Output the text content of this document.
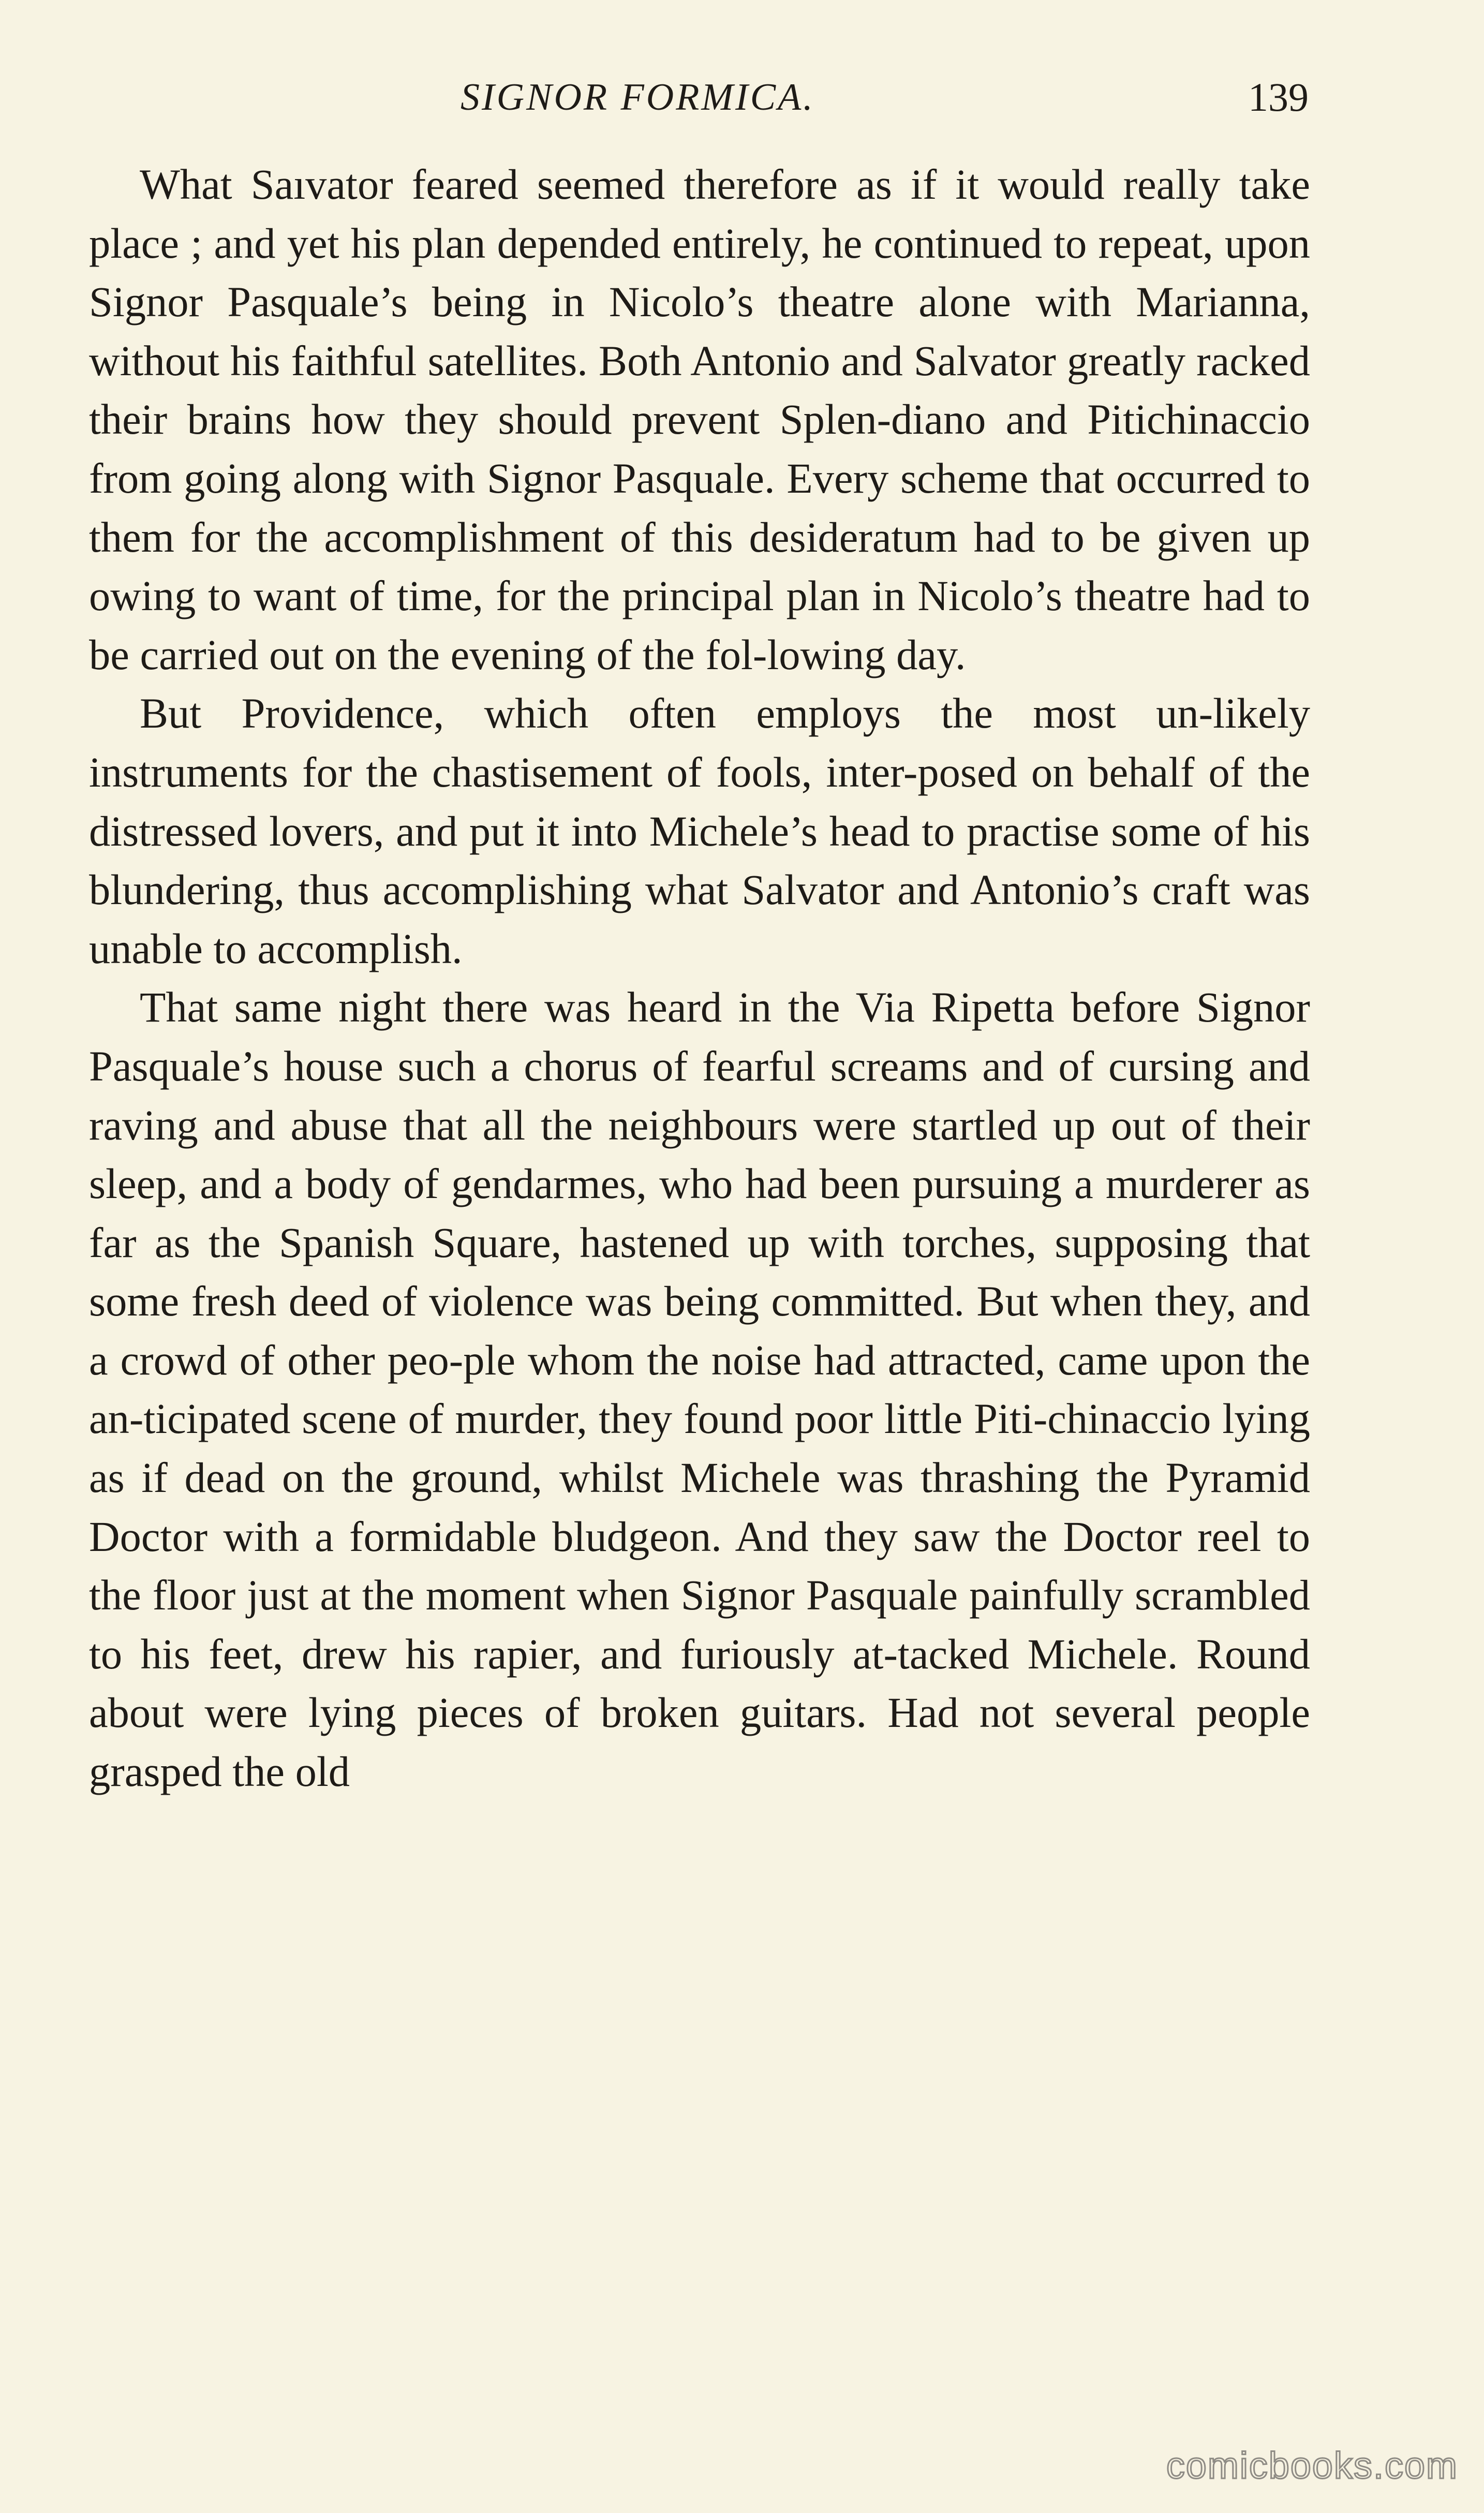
SIGNOR FORMICA.	139

What Saıvator feared seemed therefore as if it would really take place ; and yet his plan depended entirely, he continued to repeat, upon Signor Pasquale’s being in Nicolo’s theatre alone with Marianna, without his faithful satellites. Both Antonio and Salvator greatly racked their brains how they should prevent Splen-diano and Pitichinaccio from going along with Signor Pasquale. Every scheme that occurred to them for the accomplishment of this desideratum had to be given up owing to want of time, for the principal plan in Nicolo’s theatre had to be carried out on the evening of the fol-lowing day.

But Providence, which often employs the most un-likely instruments for the chastisement of fools, inter-posed on behalf of the distressed lovers, and put it into Michele’s head to practise some of his blundering, thus accomplishing what Salvator and Antonio’s craft was unable to accomplish.

That same night there was heard in the Via Ripetta before Signor Pasquale’s house such a chorus of fearful screams and of cursing and raving and abuse that all the neighbours were startled up out of their sleep, and a body of gendarmes, who had been pursuing a murderer as far as the Spanish Square, hastened up with torches, supposing that some fresh deed of violence was being committed. But when they, and a crowd of other peo-ple whom the noise had attracted, came upon the an-ticipated scene of murder, they found poor little Piti-chinaccio lying as if dead on the ground, whilst Michele was thrashing the Pyramid Doctor with a formidable bludgeon. And they saw the Doctor reel to the floor just at the moment when Signor Pasquale painfully scrambled to his feet, drew his rapier, and furiously at-tacked Michele. Round about were lying pieces of broken guitars. Had not several people grasped the old

comicbooks.com
